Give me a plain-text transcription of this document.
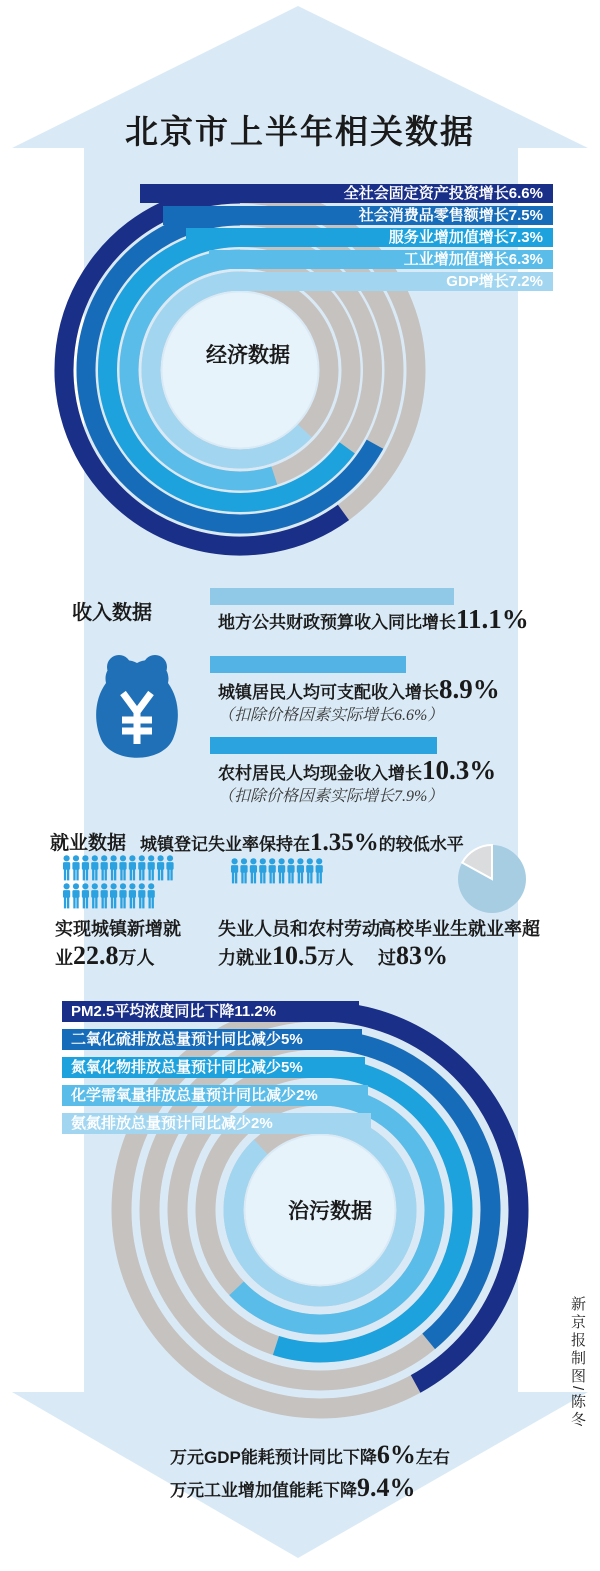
北京市上半年相关数据
经济数据
收入数据	地方公共财政预算收入同比增长11.1%
城镇居民人均可支配收入增长8.9%
（扣除价格因素实际增长6.6%）
农村居民人均现金收入增长10.3%
（扣除价格因素实际增长7.9%）
就业数据 城镇登记失业率保持在1.35%的较低水平
治污数据
万元GDP能耗预计同比下降6%左右
万元工业增加值能耗下降9.4%
新京报制图/陈冬
全社会固定资产投资增长6.6%
社会消费品零售额增长7.5%
服务业增加值增长7.3%
工业增加值增长6.3%
GDP增长7.2%
PM2.5平均浓度同比下降11.2%
二氧化硫排放总量预计同比减少5%
氮氧化物排放总量预计同比减少5%
化学需氧量排放总量预计同比减少2%
氨氮排放总量预计同比减少2%
实现城镇新增就
业22.8万人
失业人员和农村劳动
力就业10.5万人
高校毕业生就业率超
过83%
